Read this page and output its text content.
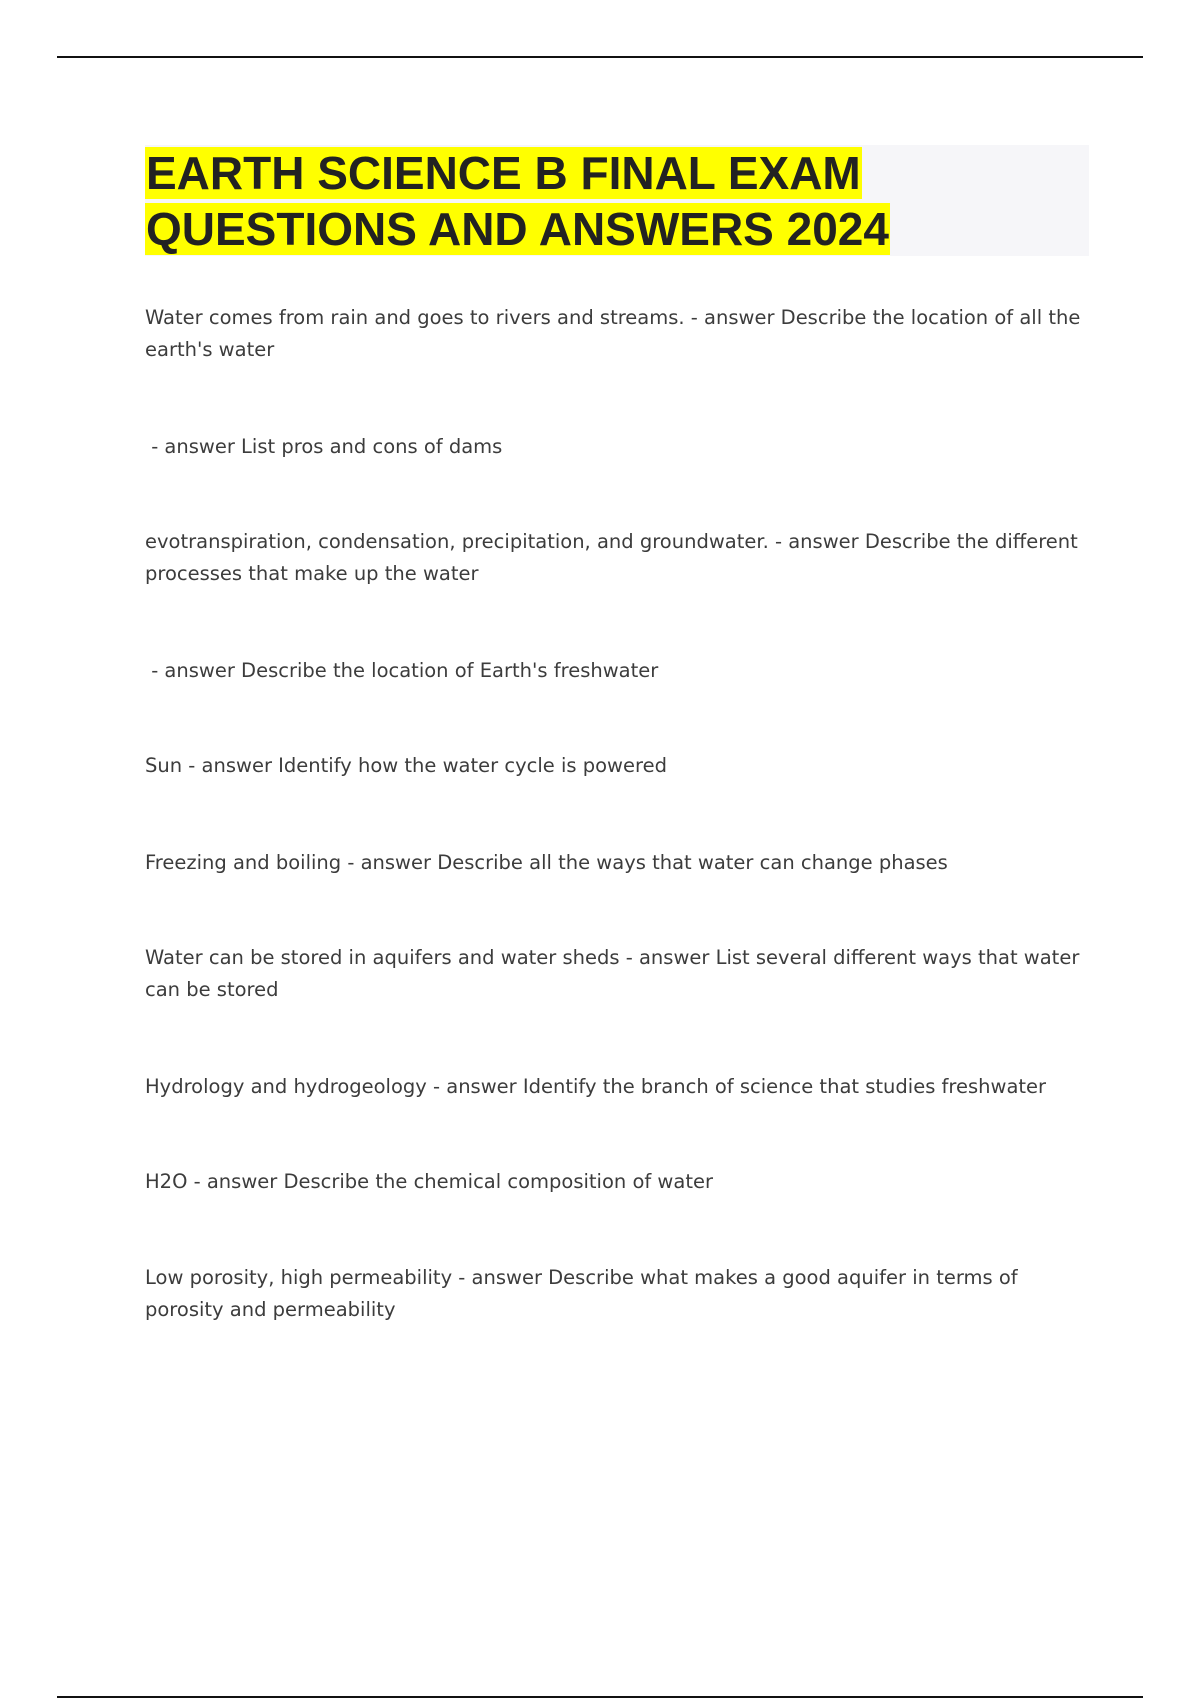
EARTH SCIENCE B FINAL EXAM
QUESTIONS AND ANSWERS 2024

Water comes from rain and goes to rivers and streams. - answer Describe the location of all the earth's water

- answer List pros and cons of dams

evotranspiration, condensation, precipitation, and groundwater. - answer Describe the different processes that make up the water

- answer Describe the location of Earth's freshwater

Sun - answer Identify how the water cycle is powered

Freezing and boiling - answer Describe all the ways that water can change phases

Water can be stored in aquifers and water sheds - answer List several different ways that water can be stored

Hydrology and hydrogeology - answer Identify the branch of science that studies freshwater

H2O - answer Describe the chemical composition of water

Low porosity, high permeability - answer Describe what makes a good aquifer in terms of porosity and permeability
